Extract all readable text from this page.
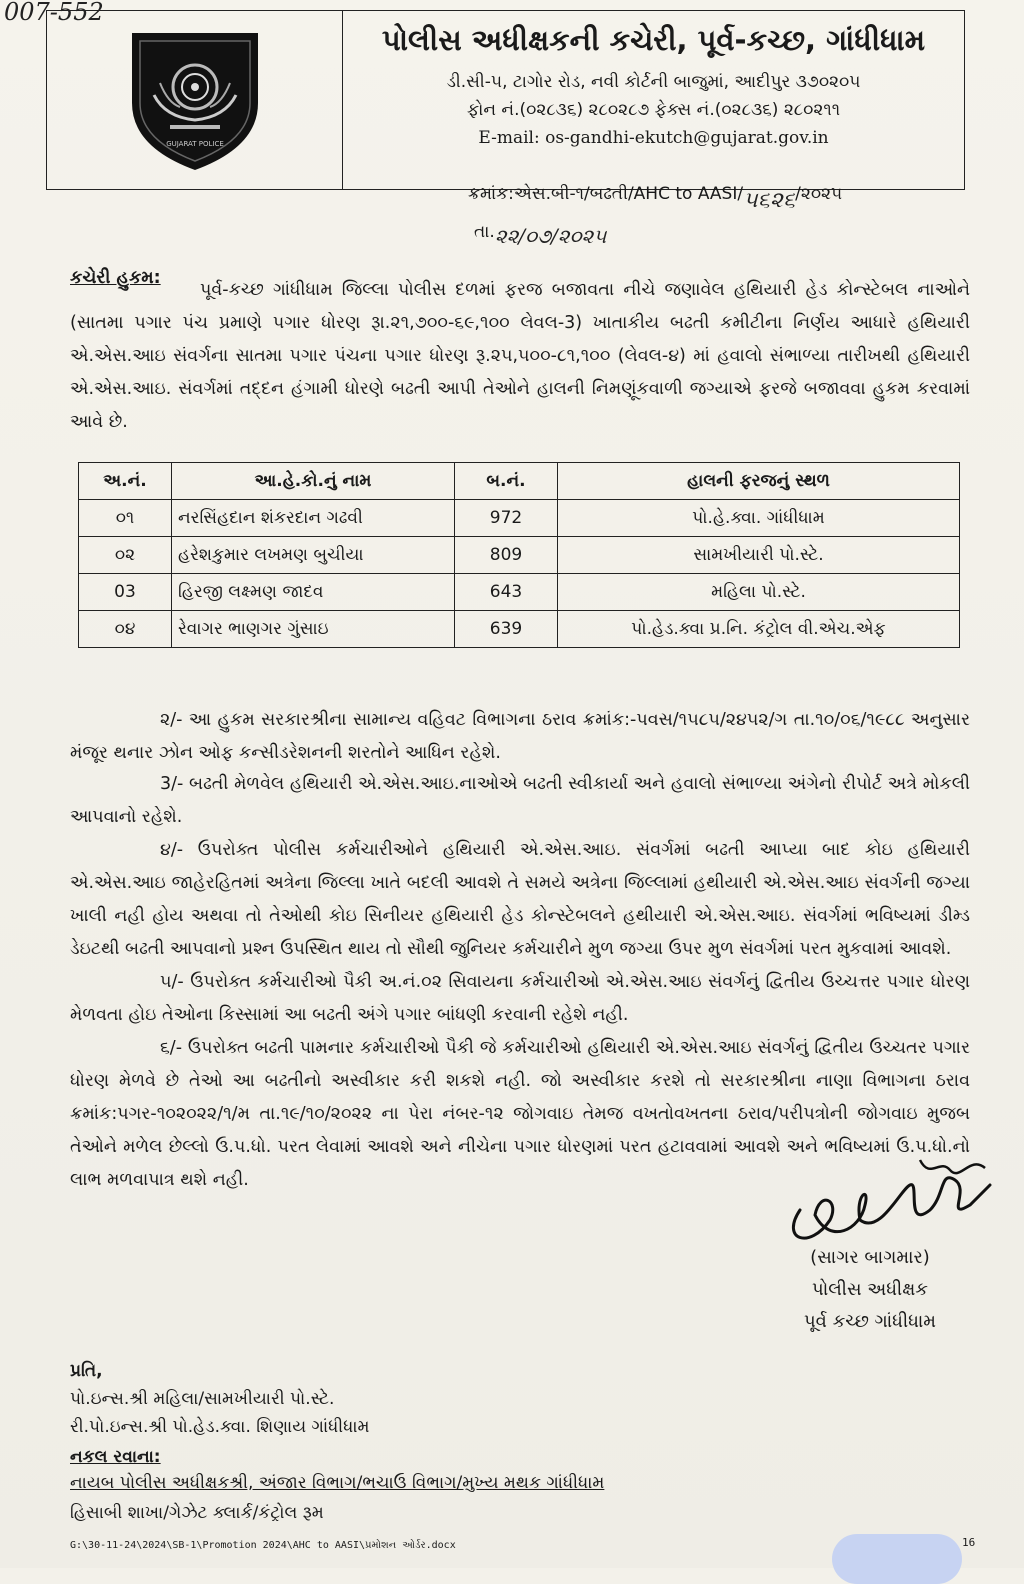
007-552
GUJARAT POLICE
પોલીસ અધીક્ષકની કચેરી, પૂર્વ-કચ્છ, ગાંધીધામ
ડી.સી-૫, ટાગોર રોડ, નવી કોર્ટની બાજુમાં, આદીપુર ૩૭૦૨૦૫
ફોન નં.(૦૨૮૩૬) ૨૮૦૨૮૭ ફેક્સ નં.(૦૨૮૩૬) ૨૮૦૨૧૧
E-mail: os-gandhi-ekutch@gujarat.gov.in
ક્રમાંક:એસ.બી-૧/બઢતી/AHC to AASI/૫૬૨૬/૨૦૨૫
તા.૨૨/૦૭/૨૦૨૫
કચેરી હુકમ:
પૂર્વ-કચ્છ ગાંધીધામ જિલ્લા પોલીસ દળમાં ફરજ બજાવતા નીચે જણાવેલ હથિયારી હેડ કોન્સ્ટેબલ નાઓને (સાતમા પગાર પંચ પ્રમાણે પગાર ધોરણ રૂા.૨૧,૭૦૦-૬૯,૧૦૦ લેવલ-3) ખાતાકીય બઢતી કમીટીના નિર્ણય આધારે હથિયારી એ.એસ.આઇ સંવર્ગના સાતમા પગાર પંચના પગાર ધોરણ રૂ.૨૫,૫૦૦-૮૧,૧૦૦ (લેવલ-૪) માં હવાલો સંભાળ્યા તારીખથી હથિયારી એ.એસ.આઇ. સંવર્ગમાં તદ્દન હંગામી ધોરણે બઢતી આપી તેઓને હાલની નિમણૂંકવાળી જગ્યાએ ફરજે બજાવવા હુકમ કરવામાં આવે છે.
અ.નં.	આ.હે.કો.નું નામ	બ.નં.	હાલની ફરજનું સ્થળ
૦૧	નરસિંહદાન શંકરદાન ગઢવી	972	પો.હે.ક્વા. ગાંધીધામ
૦૨	હરેશકુમાર લખમણ બુચીયા	809	સામખીયારી પો.સ્ટે.
03	હિરજી લક્ષ્મણ જાદવ	643	મહિલા પો.સ્ટે.
૦૪	રેવાગર ભાણગર ગુંસાઇ	639	પો.હેડ.ક્વા પ્ર.નિ. કંટ્રોલ વી.એચ.એફ
૨/- આ હુકમ સરકારશ્રીના સામાન્ય વહિવટ વિભાગના ઠરાવ ક્રમાંક:-પવસ/૧૫૮૫/૨૪૫૨/ગ તા.૧૦/૦૬/૧૯૮૮ અનુસાર મંજૂર થનાર ઝોન ઓફ કન્સીડરેશનની શરતોને આધિન રહેશે.
3/- બઢતી મેળવેલ હથિયારી એ.એસ.આઇ.નાઓએ બઢતી સ્વીકાર્યા અને હવાલો સંભાળ્યા અંગેનો રીપોર્ટ અત્રે મોકલી આપવાનો રહેશે.
૪/- ઉપરોક્ત પોલીસ કર્મચારીઓને હથિયારી એ.એસ.આઇ. સંવર્ગમાં બઢતી આપ્યા બાદ કોઇ હથિયારી એ.એસ.આઇ જાહેરહિતમાં અત્રેના જિલ્લા ખાતે બદલી આવશે તે સમયે અત્રેના જિલ્લામાં હથીયારી એ.એસ.આઇ સંવર્ગની જગ્યા ખાલી નહી હોય અથવા તો તેઓથી કોઇ સિનીયર હથિયારી હેડ કોન્સ્ટેબલને હથીયારી એ.એસ.આઇ. સંવર્ગમાં ભવિષ્યમાં ડીમ્ડ ડેઇટથી બઢતી આપવાનો પ્રશ્ન ઉપસ્થિત થાય તો સૌથી જુનિયર કર્મચારીને મુળ જગ્યા ઉપર મુળ સંવર્ગમાં પરત મુકવામાં આવશે.
૫/- ઉપરોક્ત કર્મચારીઓ પૈકી અ.નં.૦૨ સિવાયના કર્મચારીઓ એ.એસ.આઇ સંવર્ગનું દ્વિતીય ઉચ્ચત્તર પગાર ધોરણ મેળવતા હોઇ તેઓના કિસ્સામાં આ બઢતી અંગે પગાર બાંધણી કરવાની રહેશે નહી.
૬/- ઉપરોક્ત બઢતી પામનાર કર્મચારીઓ પૈકી જે કર્મચારીઓ હથિયારી એ.એસ.આઇ સંવર્ગનું દ્વિતીય ઉચ્ચતર પગાર ધોરણ મેળવે છે તેઓ આ બઢતીનો અસ્વીકાર કરી શકશે નહી. જો અસ્વીકાર કરશે તો સરકારશ્રીના નાણા વિભાગના ઠરાવ ક્રમાંક:પગર-૧૦૨૦૨૨/૧/મ તા.૧૯/૧૦/૨૦૨૨ ના પેરા નંબર-૧૨ જોગવાઇ તેમજ વખતોવખતના ઠરાવ/પરીપત્રોની જોગવાઇ મુજબ તેઓને મળેલ છેલ્લો ઉ.પ.ધો. પરત લેવામાં આવશે અને નીચેના પગાર ધોરણમાં પરત હટાવવામાં આવશે અને ભવિષ્યમાં ઉ.પ.ધો.નો લાભ મળવાપાત્ર થશે નહી.
(સાગર બાગમાર)
પોલીસ અધીક્ષક
પૂર્વ કચ્છ ગાંધીધામ
પ્રતિ,
પો.ઇન્સ.શ્રી મહિલા/સામખીયારી પો.સ્ટે.
રી.પો.ઇન્સ.શ્રી પો.હેડ.ક્વા. શિણાય ગાંધીધામ
નકલ રવાના:
નાયબ પોલીસ અધીક્ષકશ્રી, અંજાર વિભાગ/ભચાઉ વિભાગ/મુખ્ય મથક ગાંધીધામ
હિસાબી શાખા/ગેઝેટ ક્લાર્ક/કંટ્રોલ રૂમ
G:\30-11-24\2024\SB-1\Promotion 2024\AHC to AASI\પ્રમોશન ઓર્ડર.docx	16
